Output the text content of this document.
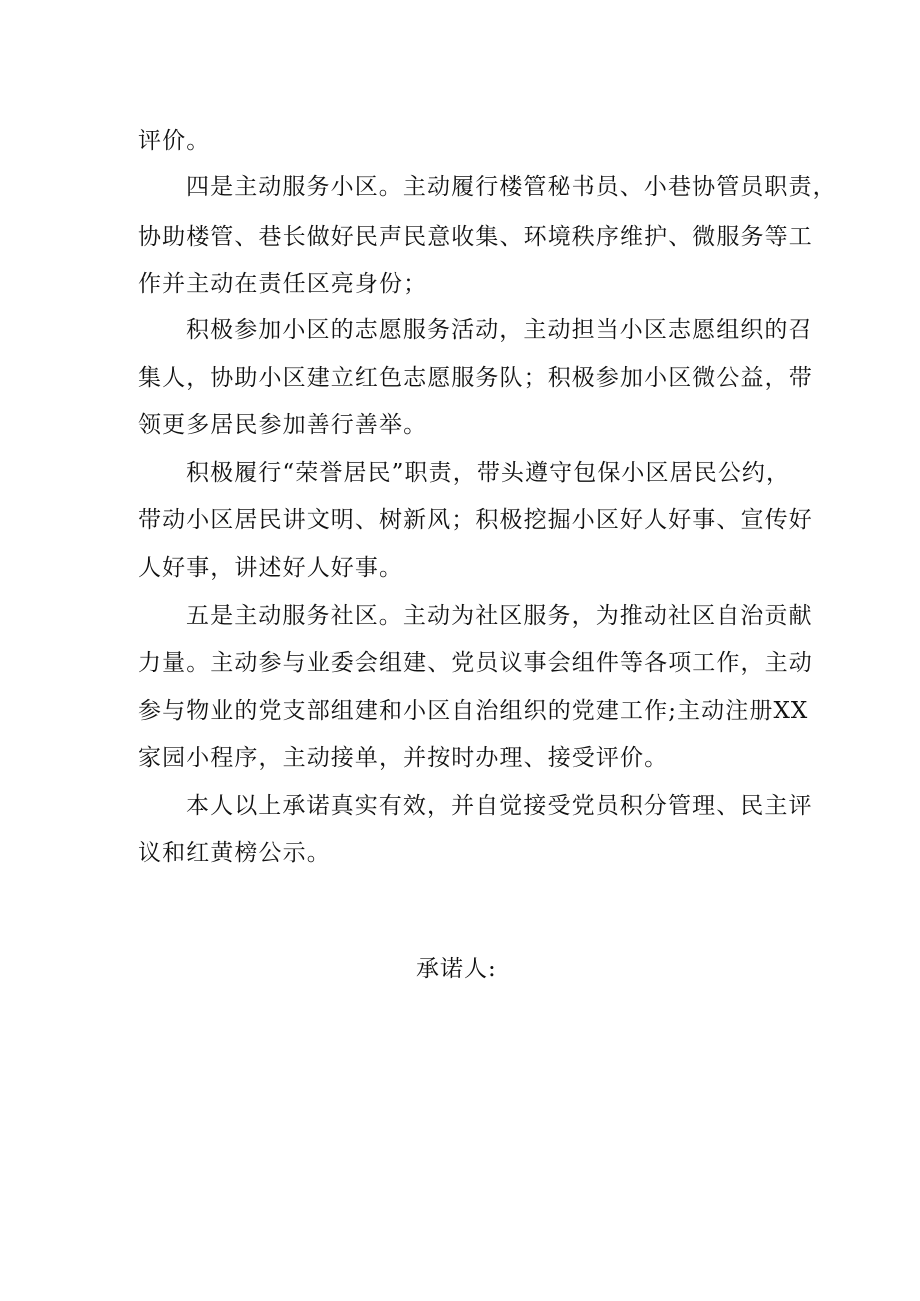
评价。
四是主动服务小区。主动履行楼管秘书员、小巷协管员职责，
协助楼管、巷长做好民声民意收集、环境秩序维护、微服务等工
作并主动在责任区亮身份；
积极参加小区的志愿服务活动，主动担当小区志愿组织的召
集人，协助小区建立红色志愿服务队；积极参加小区微公益，带
领更多居民参加善行善举。
积极履行“荣誉居民”职责，带头遵守包保小区居民公约，
带动小区居民讲文明、树新风；积极挖掘小区好人好事、宣传好
人好事，讲述好人好事。
五是主动服务社区。主动为社区服务，为推动社区自治贡献
力量。主动参与业委会组建、党员议事会组件等各项工作，主动
参与物业的党支部组建和小区自治组织的党建工作;主动注册XX
家园小程序，主动接单，并按时办理、接受评价。
本人以上承诺真实有效，并自觉接受党员积分管理、民主评
议和红黄榜公示。
承诺人:
